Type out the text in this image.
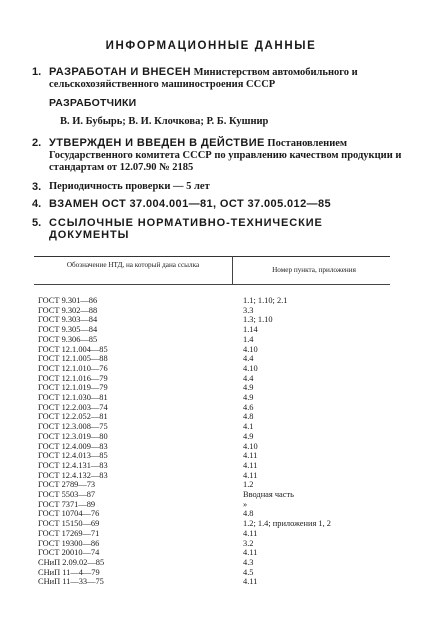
ИНФОРМАЦИОННЫЕ ДАННЫЕ
1. РАЗРАБОТАН И ВНЕСЕН Министерством автомобильного и сельскохозяйственного машиностроения СССР
РАЗРАБОТЧИКИ
В. И. Бубырь; В. И. Клочкова; Р. Б. Кушнир
2. УТВЕРЖДЕН И ВВЕДЕН В ДЕЙСТВИЕ Постановлением Государственного комитета СССР по управлению качеством продукции и стандартам от 12.07.90 № 2185
3. Периодичность проверки — 5 лет
4. ВЗАМЕН ОСТ 37.004.001—81, ОСТ 37.005.012—85
5. ССЫЛОЧНЫЕ НОРМАТИВНО-ТЕХНИЧЕСКИЕ ДОКУМЕНТЫ
Обозначение НТД, на который дана ссылка
Номер пункта, приложения
ГОСТ 9.301—86	1.1; 1.10; 2.1
ГОСТ 9.302—88	3.3
ГОСТ 9.303—84	1.3; 1.10
ГОСТ 9.305—84	1.14
ГОСТ 9.306—85	1.4
ГОСТ 12.1.004—85	4.10
ГОСТ 12.1.005—88	4.4
ГОСТ 12.1.010—76	4.10
ГОСТ 12.1.016—79	4.4
ГОСТ 12.1.019—79	4.9
ГОСТ 12.1.030—81	4.9
ГОСТ 12.2.003—74	4.6
ГОСТ 12.2.052—81	4.8
ГОСТ 12.3.008—75	4.1
ГОСТ 12.3.019—80	4.9
ГОСТ 12.4.009—83	4.10
ГОСТ 12.4.013—85	4.11
ГОСТ 12.4.131—83	4.11
ГОСТ 12.4.132—83	4.11
ГОСТ 2789—73	1.2
ГОСТ 5503—87	Вводная часть
ГОСТ 7371—89	»
ГОСТ 10704—76	4.8
ГОСТ 15150—69	1.2; 1.4; приложения 1, 2
ГОСТ 17269—71	4.11
ГОСТ 19300—86	3.2
ГОСТ 20010—74	4.11
СНиП 2.09.02—85	4.3
СНиП 11—4—79	4.5
СНиП 11—33—75	4.11
